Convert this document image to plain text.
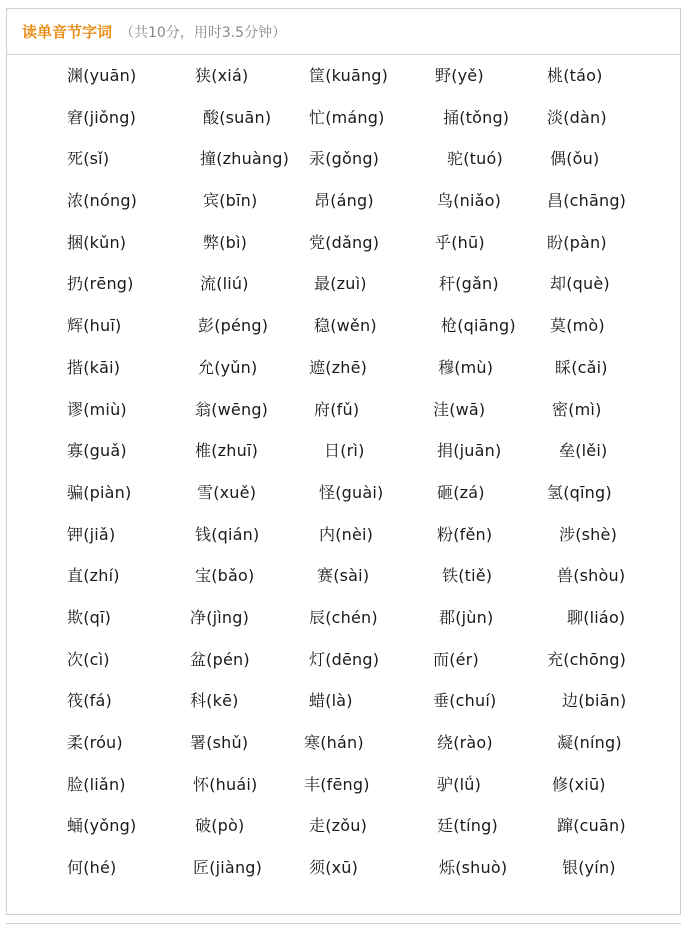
读单音节字词 （共10分，用时3.5分钟）
渊(yuān)	狭(xiá)	筐(kuāng)	野(yě)	桃(táo)
窘(jiǒng)	酸(suān) 忙(máng)	捅(tǒng) 淡(dàn)
死(sǐ)	撞(zhuàng) 汞(gǒng)	驼(tuó)	偶(ǒu)
浓(nóng)	宾(bīn)	昂(áng)	鸟(niǎo)	昌(chāng)
捆(kǔn)	弊(bì)	党(dǎng)	乎(hū)	盼(pàn)
扔(rēng)	流(liú)	最(zuì)	秆(gǎn)	却(què)
辉(huī)	彭(péng)	稳(wěn)	枪(qiāng) 莫(mò)
揩(kāi)	允(yǔn)	遮(zhē)	穆(mù)	睬(cǎi)
谬(miù)	翁(wēng)	府(fǔ)	洼(wā)	密(mì)
寡(guǎ)	椎(zhuī)	日(rì)	捐(juān)	垒(lěi)
骗(piàn)	雪(xuě)	怪(guài)	砸(zá)	氢(qīng)
钾(jiǎ)	钱(qián)	内(nèi)	粉(fěn)	涉(shè)
直(zhí)	宝(bǎo)	赛(sài)	铁(tiě)	兽(shòu)
欺(qī)	净(jìng)	辰(chén)	郡(jùn)	聊(liáo)
次(cì)	盆(pén)	灯(dēng)	而(ér)	充(chōng)
筏(fá)	科(kē)	蜡(là)	垂(chuí)	边(biān)
柔(róu)	署(shǔ)	寒(hán)	绕(rào)	凝(níng)
脸(liǎn)	怀(huái)	丰(fēng)	驴(lǘ)	修(xiū)
蛹(yǒng)	破(pò)	走(zǒu)	廷(tíng)	蹿(cuān)
何(hé)	匠(jiàng)	须(xū)	烁(shuò)	银(yín)
